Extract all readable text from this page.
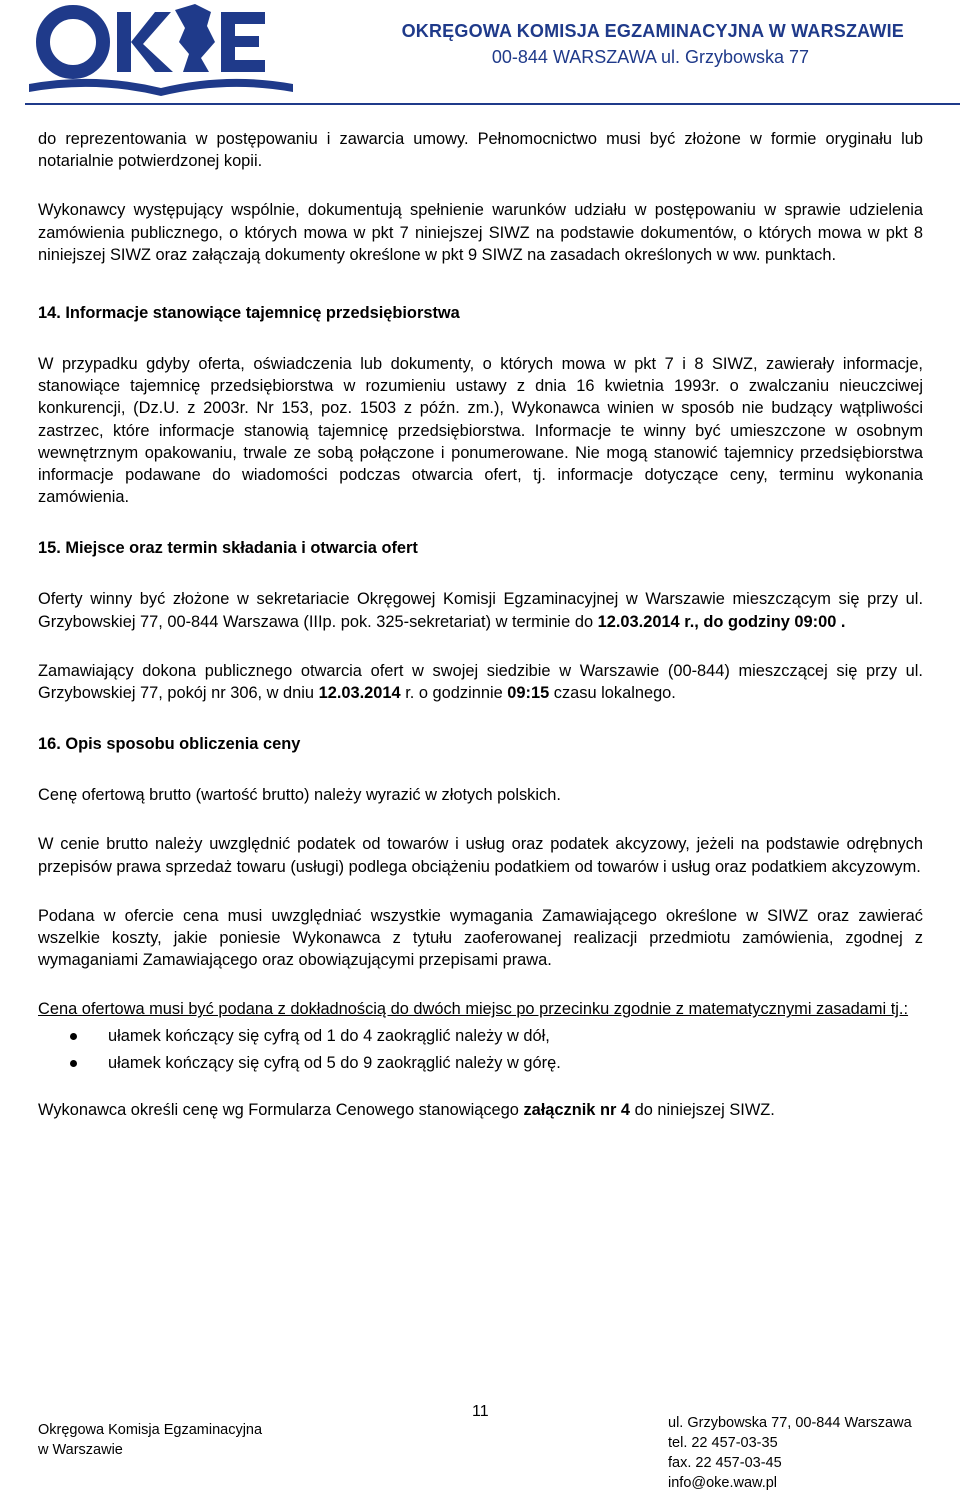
OKRĘGOWA KOMISJA EGZAMINACYJNA W WARSZAWIE
00-844 WARSZAWA ul. Grzybowska 77

do reprezentowania w postępowaniu i zawarcia umowy. Pełnomocnictwo musi być złożone w formie oryginału lub notarialnie potwierdzonej kopii.

Wykonawcy występujący wspólnie, dokumentują spełnienie warunków udziału w postępowaniu w sprawie udzielenia zamówienia publicznego, o których mowa w pkt 7 niniejszej SIWZ na podstawie dokumentów, o których mowa w pkt 8 niniejszej SIWZ oraz załączają dokumenty określone w pkt 9 SIWZ na zasadach określonych w ww. punktach.

14. Informacje stanowiące tajemnicę przedsiębiorstwa

W przypadku gdyby oferta, oświadczenia lub dokumenty, o których mowa w pkt 7 i 8 SIWZ, zawierały informacje, stanowiące tajemnicę przedsiębiorstwa w rozumieniu ustawy z dnia 16 kwietnia 1993r. o zwalczaniu nieuczciwej konkurencji, (Dz.U. z 2003r. Nr 153, poz. 1503 z późn. zm.), Wykonawca winien w sposób nie budzący wątpliwości zastrzec, które informacje stanowią tajemnicę przedsiębiorstwa. Informacje te winny być umieszczone w osobnym wewnętrznym opakowaniu, trwale ze sobą połączone i ponumerowane. Nie mogą stanowić tajemnicy przedsiębiorstwa informacje podawane do wiadomości podczas otwarcia ofert, tj. informacje dotyczące ceny, terminu wykonania zamówienia.

15. Miejsce oraz termin składania i otwarcia ofert

Oferty winny być złożone w sekretariacie Okręgowej Komisji Egzaminacyjnej w Warszawie mieszczącym się przy ul. Grzybowskiej 77, 00-844 Warszawa (IIIp. pok. 325-sekretariat) w terminie do 12.03.2014 r., do godziny 09:00 .

Zamawiający dokona publicznego otwarcia ofert w swojej siedzibie w Warszawie (00-844) mieszczącej się przy ul. Grzybowskiej 77, pokój nr 306, w dniu 12.03.2014 r. o godzinnie 09:15 czasu lokalnego.

16. Opis sposobu obliczenia ceny

Cenę ofertową brutto (wartość brutto) należy wyrazić w złotych polskich.

W cenie brutto należy uwzględnić podatek od towarów i usług oraz podatek akcyzowy, jeżeli na podstawie odrębnych przepisów prawa sprzedaż towaru (usługi) podlega obciążeniu podatkiem od towarów i usług oraz podatkiem akcyzowym.

Podana w ofercie cena musi uwzględniać wszystkie wymagania Zamawiającego określone w SIWZ oraz zawierać wszelkie koszty, jakie poniesie Wykonawca z tytułu zaoferowanej realizacji przedmiotu zamówienia, zgodnej z wymaganiami Zamawiającego oraz obowiązującymi przepisami prawa.

Cena ofertowa musi być podana z dokładnością do dwóch miejsc po przecinku zgodnie z matematycznymi zasadami tj.:

ułamek kończący się cyfrą od 1 do 4 zaokrąglić należy w dół,
ułamek kończący się cyfrą od 5 do 9 zaokrąglić należy w górę.

Wykonawca określi cenę wg Formularza Cenowego stanowiącego załącznik nr 4 do niniejszej SIWZ.

11
Okręgowa Komisja Egzaminacyjna
w Warszawie
ul. Grzybowska 77, 00-844 Warszawa
tel. 22 457-03-35
fax. 22 457-03-45
info@oke.waw.pl
